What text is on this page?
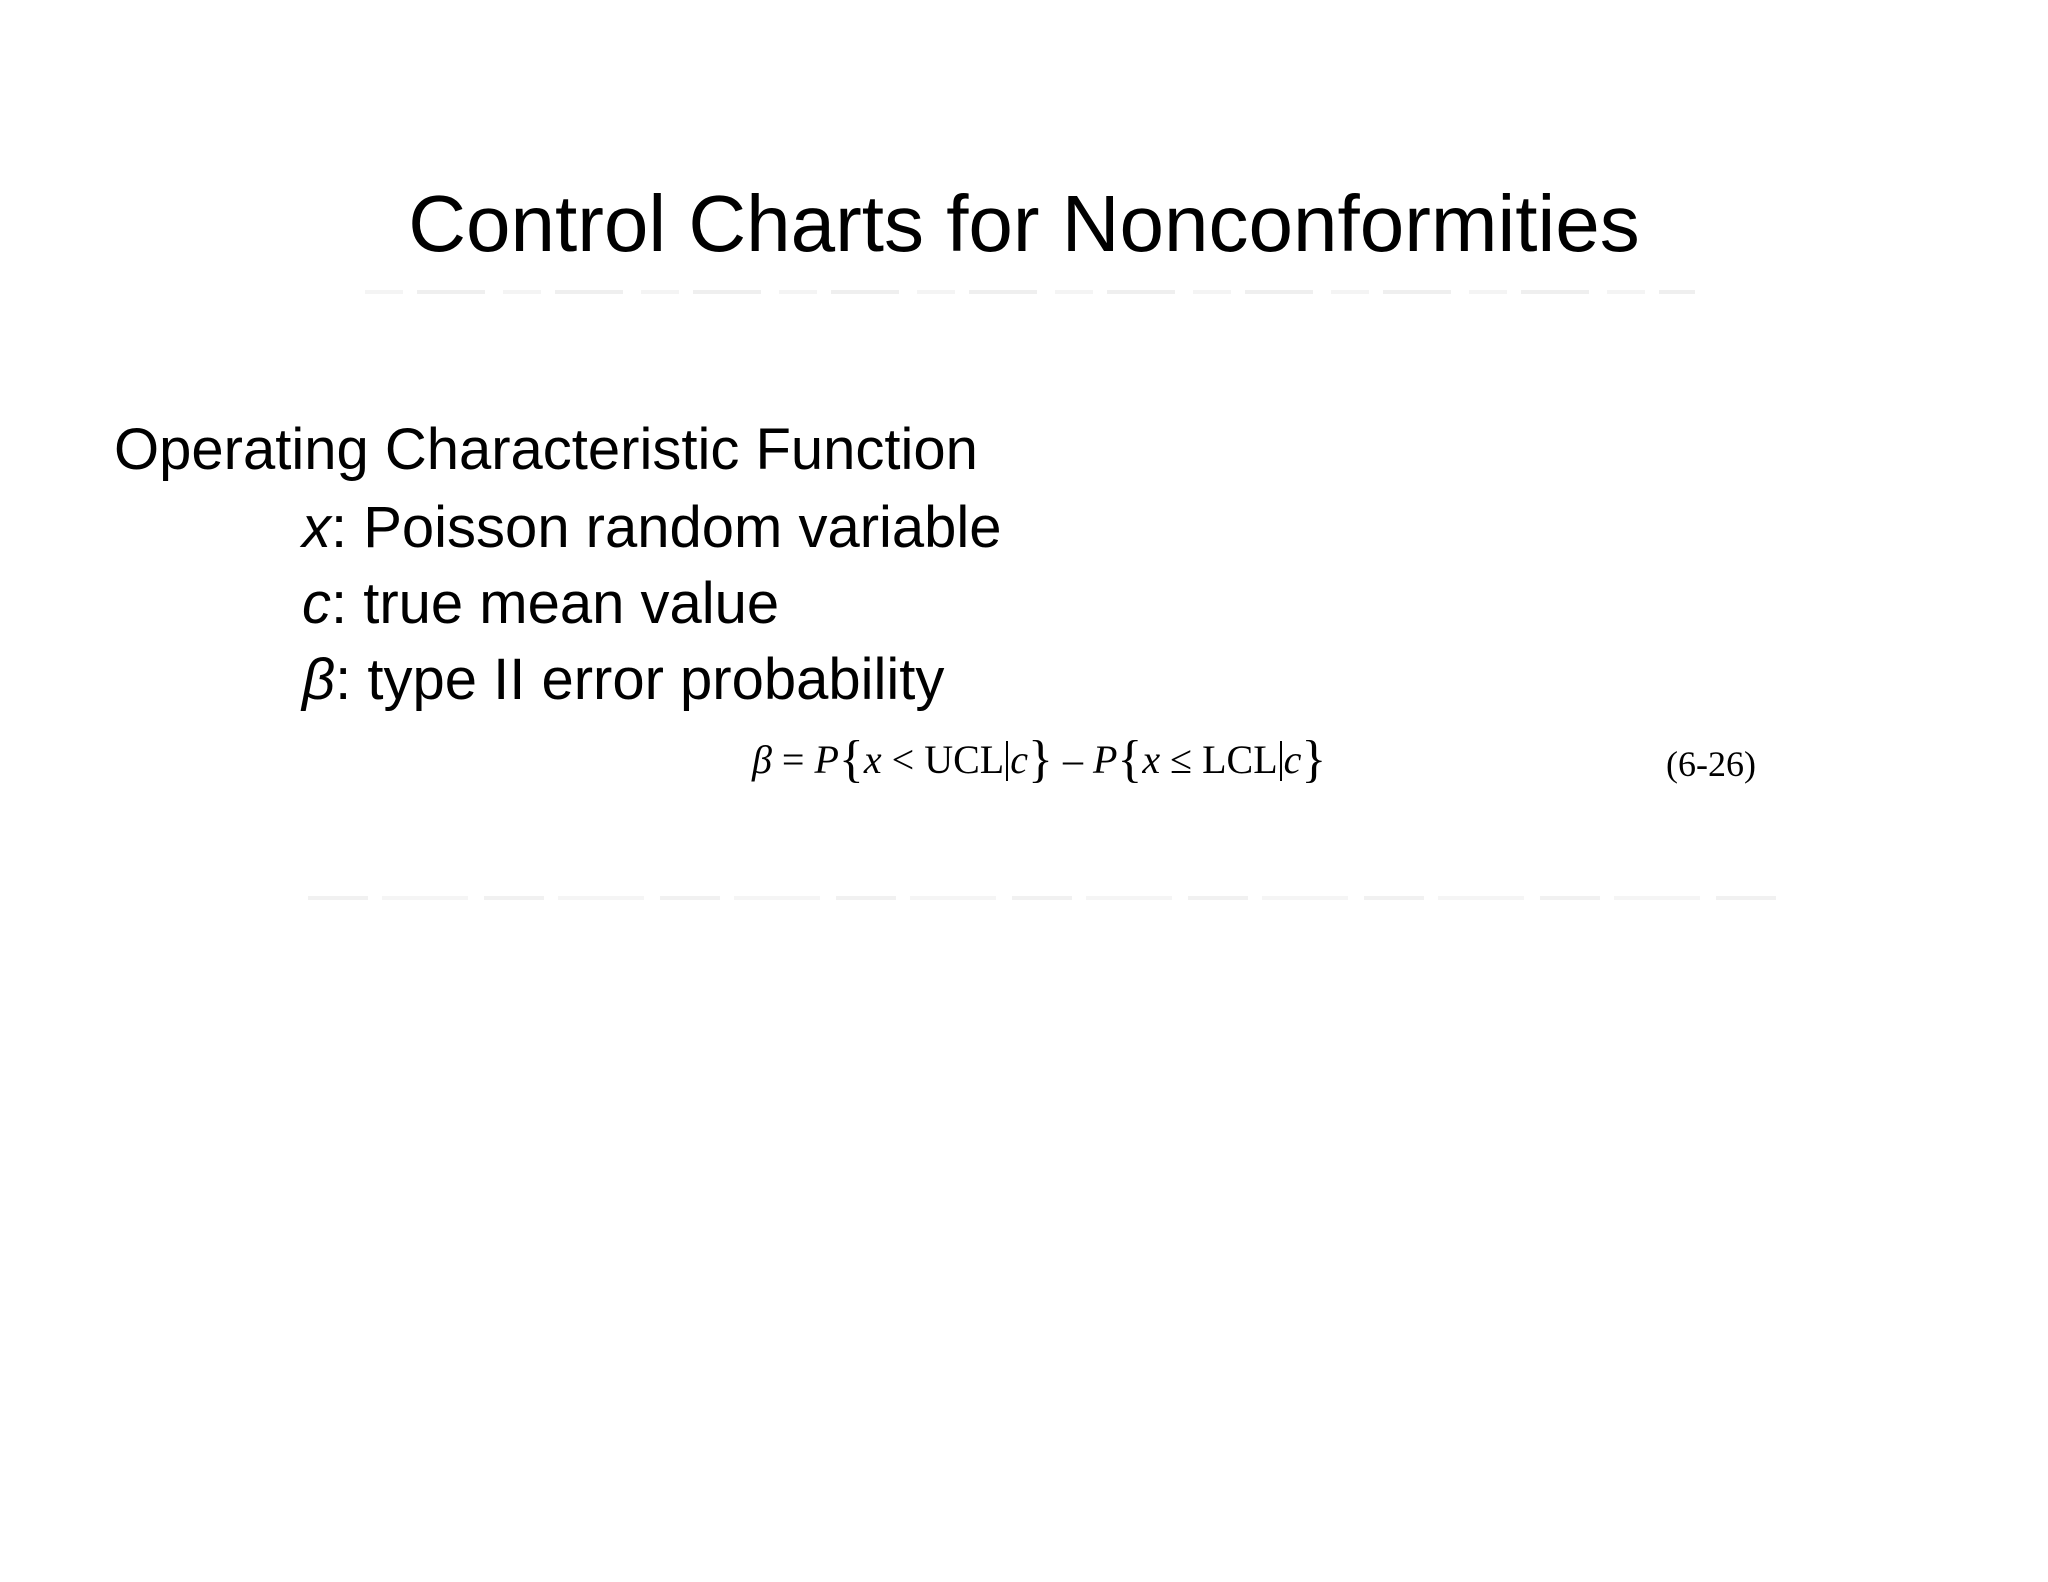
Control Charts for Nonconformities
Operating Characteristic Function
x: Poisson random variable
c: true mean value
β: type II error probability
β = P{x < UCL c} – P{x ≤ LCL c}	(6-26)
